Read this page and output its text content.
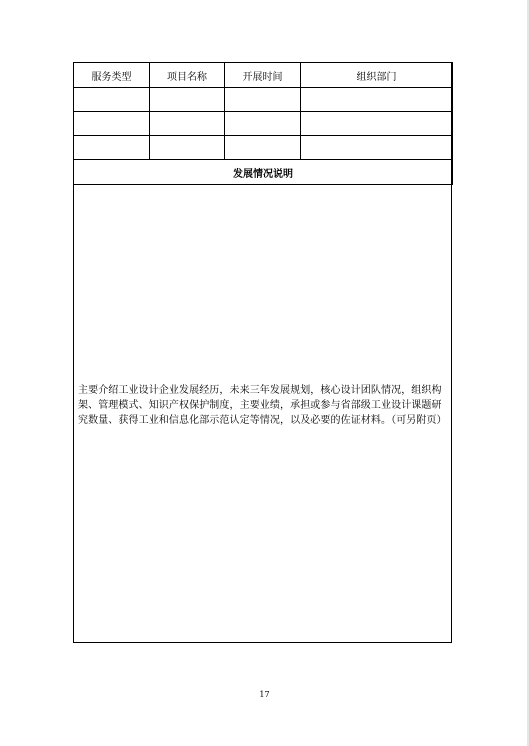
服务类型	项目名称	开展时间	组织部门

发展情况说明			
主要介绍工业设计企业发展经历，未来三年发展规划，核心设计团队情况，组织构架、管理模式、知识产权保护制度，主要业绩，承担或参与省部级工业设计课题研究数量、获得工业和信息化部示范认定等情况，以及必要的佐证材料。（可另附页）
17
